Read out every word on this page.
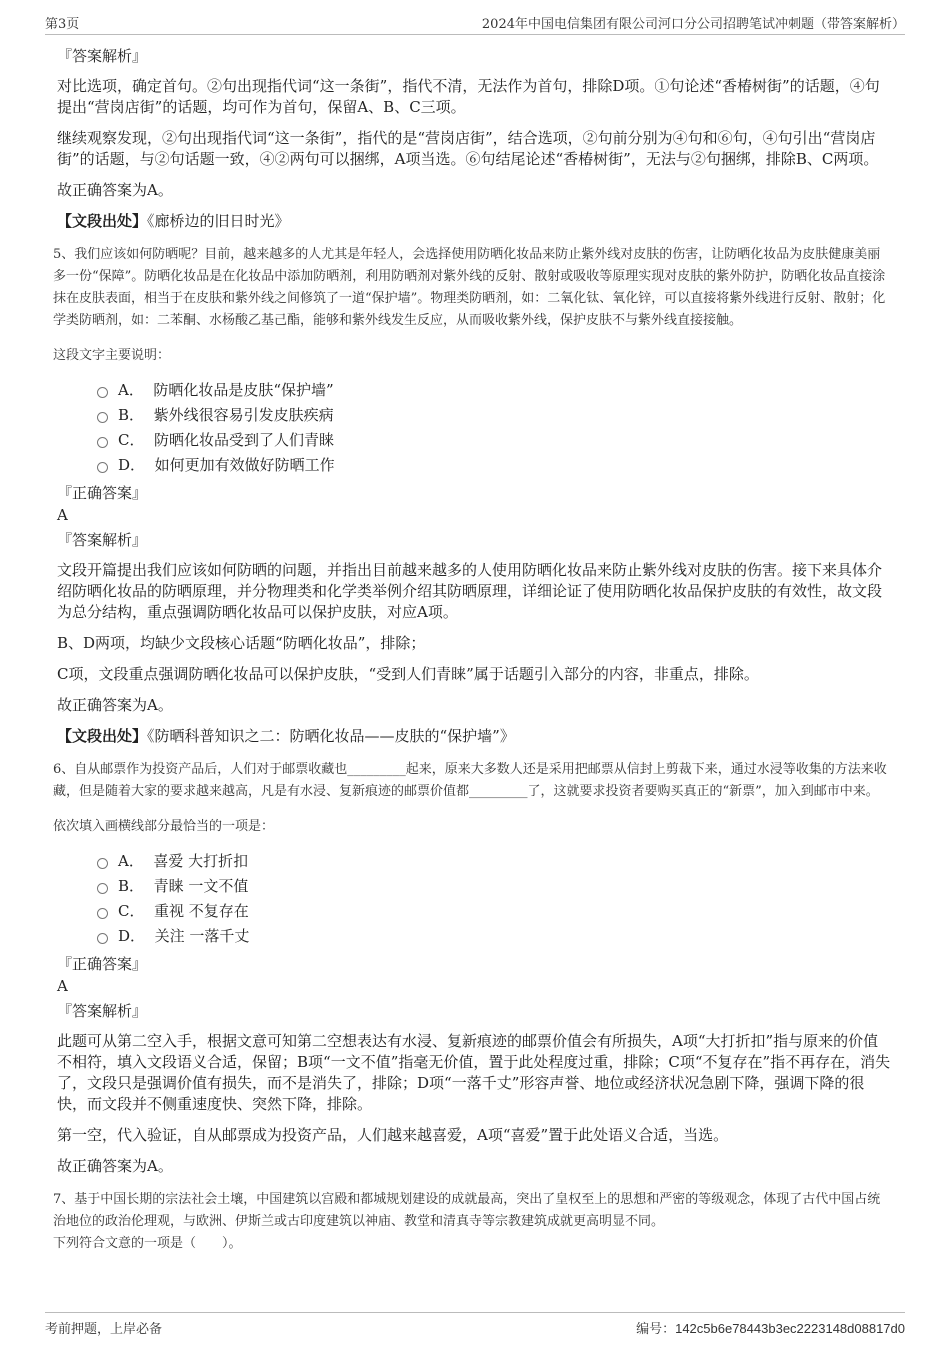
第3页	2024年中国电信集团有限公司河口分公司招聘笔试冲刺题（带答案解析）
『答案解析』

对比选项，确定首句。②句出现指代词“这一条街”，指代不清，无法作为首句，排除D项。①句论述“香椿树街”的话题，④句提出“营岗店街”的话题，均可作为首句，保留A、B、C三项。

继续观察发现，②句出现指代词“这一条街”，指代的是“营岗店街”，结合选项，②句前分别为④句和⑥句，④句引出“营岗店街”的话题，与②句话题一致，④②两句可以捆绑，A项当选。⑥句结尾论述“香椿树街”，无法与②句捆绑，排除B、C两项。

故正确答案为A。

【文段出处】《廊桥边的旧日时光》

5、我们应该如何防晒呢？目前，越来越多的人尤其是年轻人，会选择使用防晒化妆品来防止紫外线对皮肤的伤害，让防晒化妆品为皮肤健康美丽多一份“保障”。防晒化妆品是在化妆品中添加防晒剂，利用防晒剂对紫外线的反射、散射或吸收等原理实现对皮肤的紫外防护，防晒化妆品直接涂抹在皮肤表面，相当于在皮肤和紫外线之间修筑了一道“保护墙”。物理类防晒剂，如：二氧化钛、氧化锌，可以直接将紫外线进行反射、散射；化学类防晒剂，如：二苯酮、水杨酸乙基己酯，能够和紫外线发生反应，从而吸收紫外线，保护皮肤不与紫外线直接接触。
这段文字主要说明：
A．
防晒化妆品是皮肤“保护墙”
B．
紫外线很容易引发皮肤疾病
C．
防晒化妆品受到了人们青睐
D．
如何更加有效做好防晒工作
『正确答案』
A
『答案解析』

文段开篇提出我们应该如何防晒的问题，并指出目前越来越多的人使用防晒化妆品来防止紫外线对皮肤的伤害。接下来具体介绍防晒化妆品的防晒原理，并分物理类和化学类举例介绍其防晒原理，详细论证了使用防晒化妆品保护皮肤的有效性，故文段为总分结构，重点强调防晒化妆品可以保护皮肤，对应A项。

B、D两项，均缺少文段核心话题“防晒化妆品”，排除；

C项，文段重点强调防晒化妆品可以保护皮肤，“受到人们青睐”属于话题引入部分的内容，非重点，排除。

故正确答案为A。

【文段出处】《防晒科普知识之二：防晒化妆品——皮肤的“保护墙”》

6、自从邮票作为投资产品后，人们对于邮票收藏也_________起来，原来大多数人还是采用把邮票从信封上剪裁下来，通过水浸等收集的方法来收藏，但是随着大家的要求越来越高，凡是有水浸、复新痕迹的邮票价值都_________了，这就要求投资者要购买真正的“新票”，加入到邮市中来。
依次填入画横线部分最恰当的一项是：
A．
喜爱 大打折扣
B．
青睐 一文不值
C．
重视 不复存在
D．
关注 一落千丈
『正确答案』
A
『答案解析』

此题可从第二空入手，根据文意可知第二空想表达有水浸、复新痕迹的邮票价值会有所损失，A项“大打折扣”指与原来的价值不相符，填入文段语义合适，保留；B项“一文不值”指毫无价值，置于此处程度过重，排除；C项“不复存在”指不再存在，消失了，文段只是强调价值有损失，而不是消失了，排除；D项“一落千丈”形容声誉、地位或经济状况急剧下降，强调下降的很快，而文段并不侧重速度快、突然下降，排除。

第一空，代入验证，自从邮票成为投资产品，人们越来越喜爱，A项“喜爱”置于此处语义合适，当选。

故正确答案为A。

7、基于中国长期的宗法社会土壤，中国建筑以宫殿和都城规划建设的成就最高，突出了皇权至上的思想和严密的等级观念，体现了古代中国占统治地位的政治伦理观，与欧洲、伊斯兰或古印度建筑以神庙、教堂和清真寺等宗教建筑成就更高明显不同。
下列符合文意的一项是（　　）。
考前押题，上岸必备	编号：142c5b6e78443b3ec2223148d08817d0
